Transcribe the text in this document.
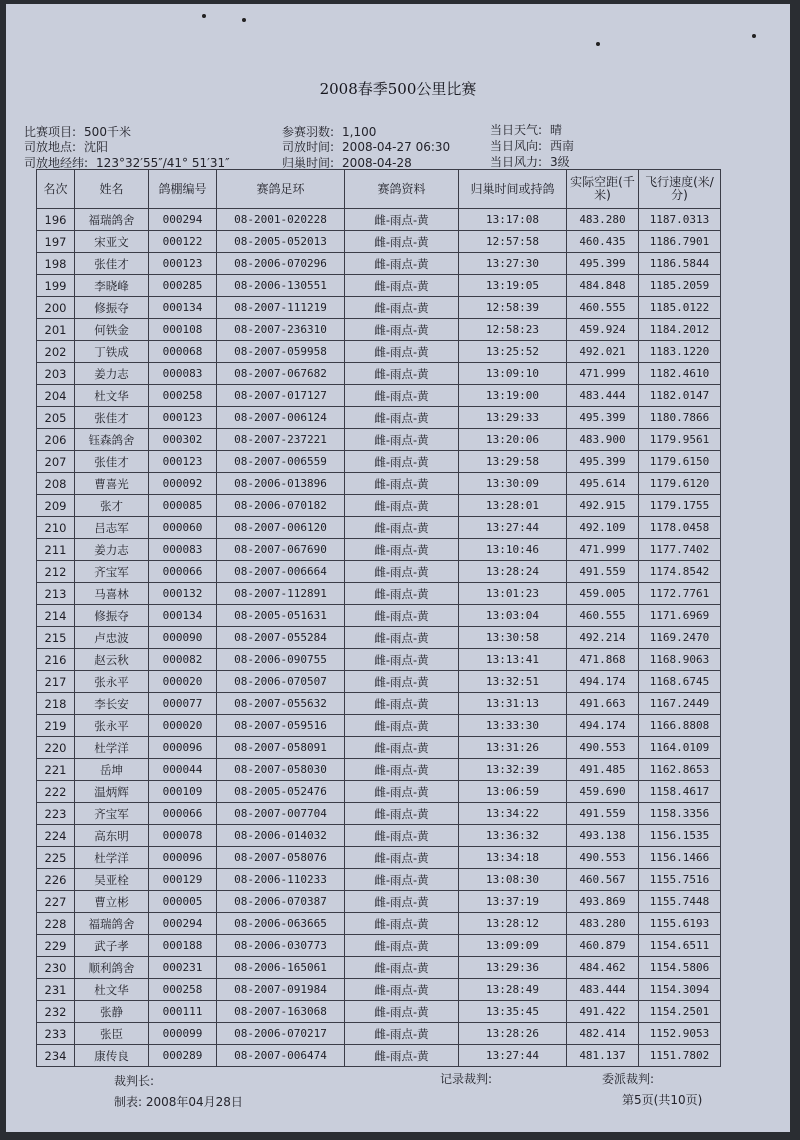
2008春季500公里比赛
比赛项目: 500千米	参赛羽数: 1,100	当日天气: 晴
司放地点: 沈阳	司放时间: 2008-04-27 06:30	当日风向: 西南
司放地经纬: 123°32′55″/41° 51′31″	归巢时间: 2008-04-28	当日风力: 3级
名次	姓名	鸽棚编号	赛鸽足环	赛鸽资料	归巢时间或持鸽	实际空距(千米)	飞行速度(米/分)
196	福瑞鸽舍	000294	08-2001-020228	雌-雨点-黄	13:17:08	483.280	1187.0313
197	宋亚文	000122	08-2005-052013	雌-雨点-黄	12:57:58	460.435	1186.7901
198	张佳才	000123	08-2006-070296	雌-雨点-黄	13:27:30	495.399	1186.5844
199	李晓峰	000285	08-2006-130551	雌-雨点-黄	13:19:05	484.848	1185.2059
200	修振夺	000134	08-2007-111219	雌-雨点-黄	12:58:39	460.555	1185.0122
201	何铁金	000108	08-2007-236310	雌-雨点-黄	12:58:23	459.924	1184.2012
202	丁铁成	000068	08-2007-059958	雌-雨点-黄	13:25:52	492.021	1183.1220
203	姜力志	000083	08-2007-067682	雌-雨点-黄	13:09:10	471.999	1182.4610
204	杜文华	000258	08-2007-017127	雌-雨点-黄	13:19:00	483.444	1182.0147
205	张佳才	000123	08-2007-006124	雌-雨点-黄	13:29:33	495.399	1180.7866
206	钰森鸽舍	000302	08-2007-237221	雌-雨点-黄	13:20:06	483.900	1179.9561
207	张佳才	000123	08-2007-006559	雌-雨点-黄	13:29:58	495.399	1179.6150
208	曹喜光	000092	08-2006-013896	雌-雨点-黄	13:30:09	495.614	1179.6120
209	张才	000085	08-2006-070182	雌-雨点-黄	13:28:01	492.915	1179.1755
210	吕志军	000060	08-2007-006120	雌-雨点-黄	13:27:44	492.109	1178.0458
211	姜力志	000083	08-2007-067690	雌-雨点-黄	13:10:46	471.999	1177.7402
212	齐宝军	000066	08-2007-006664	雌-雨点-黄	13:28:24	491.559	1174.8542
213	马喜林	000132	08-2007-112891	雌-雨点-黄	13:01:23	459.005	1172.7761
214	修振夺	000134	08-2005-051631	雌-雨点-黄	13:03:04	460.555	1171.6969
215	卢忠波	000090	08-2007-055284	雌-雨点-黄	13:30:58	492.214	1169.2470
216	赵云秋	000082	08-2006-090755	雌-雨点-黄	13:13:41	471.868	1168.9063
217	张永平	000020	08-2006-070507	雌-雨点-黄	13:32:51	494.174	1168.6745
218	李长安	000077	08-2007-055632	雌-雨点-黄	13:31:13	491.663	1167.2449
219	张永平	000020	08-2007-059516	雌-雨点-黄	13:33:30	494.174	1166.8808
220	杜学洋	000096	08-2007-058091	雌-雨点-黄	13:31:26	490.553	1164.0109
221	岳坤	000044	08-2007-058030	雌-雨点-黄	13:32:39	491.485	1162.8653
222	温炳辉	000109	08-2005-052476	雌-雨点-黄	13:06:59	459.690	1158.4617
223	齐宝军	000066	08-2007-007704	雌-雨点-黄	13:34:22	491.559	1158.3356
224	高东明	000078	08-2006-014032	雌-雨点-黄	13:36:32	493.138	1156.1535
225	杜学洋	000096	08-2007-058076	雌-雨点-黄	13:34:18	490.553	1156.1466
226	吴亚栓	000129	08-2006-110233	雌-雨点-黄	13:08:30	460.567	1155.7516
227	曹立彬	000005	08-2006-070387	雌-雨点-黄	13:37:19	493.869	1155.7448
228	福瑞鸽舍	000294	08-2006-063665	雌-雨点-黄	13:28:12	483.280	1155.6193
229	武子孝	000188	08-2006-030773	雌-雨点-黄	13:09:09	460.879	1154.6511
230	顺利鸽舍	000231	08-2006-165061	雌-雨点-黄	13:29:36	484.462	1154.5806
231	杜文华	000258	08-2007-091984	雌-雨点-黄	13:28:49	483.444	1154.3094
232	张静	000111	08-2007-163068	雌-雨点-黄	13:35:45	491.422	1154.2501
233	张臣	000099	08-2006-070217	雌-雨点-黄	13:28:26	482.414	1152.9053
234	康传良	000289	08-2007-006474	雌-雨点-黄	13:27:44	481.137	1151.7802
裁判长:	记录裁判:	委派裁判:
制表: 2008年04月28日	第5页(共10页)
